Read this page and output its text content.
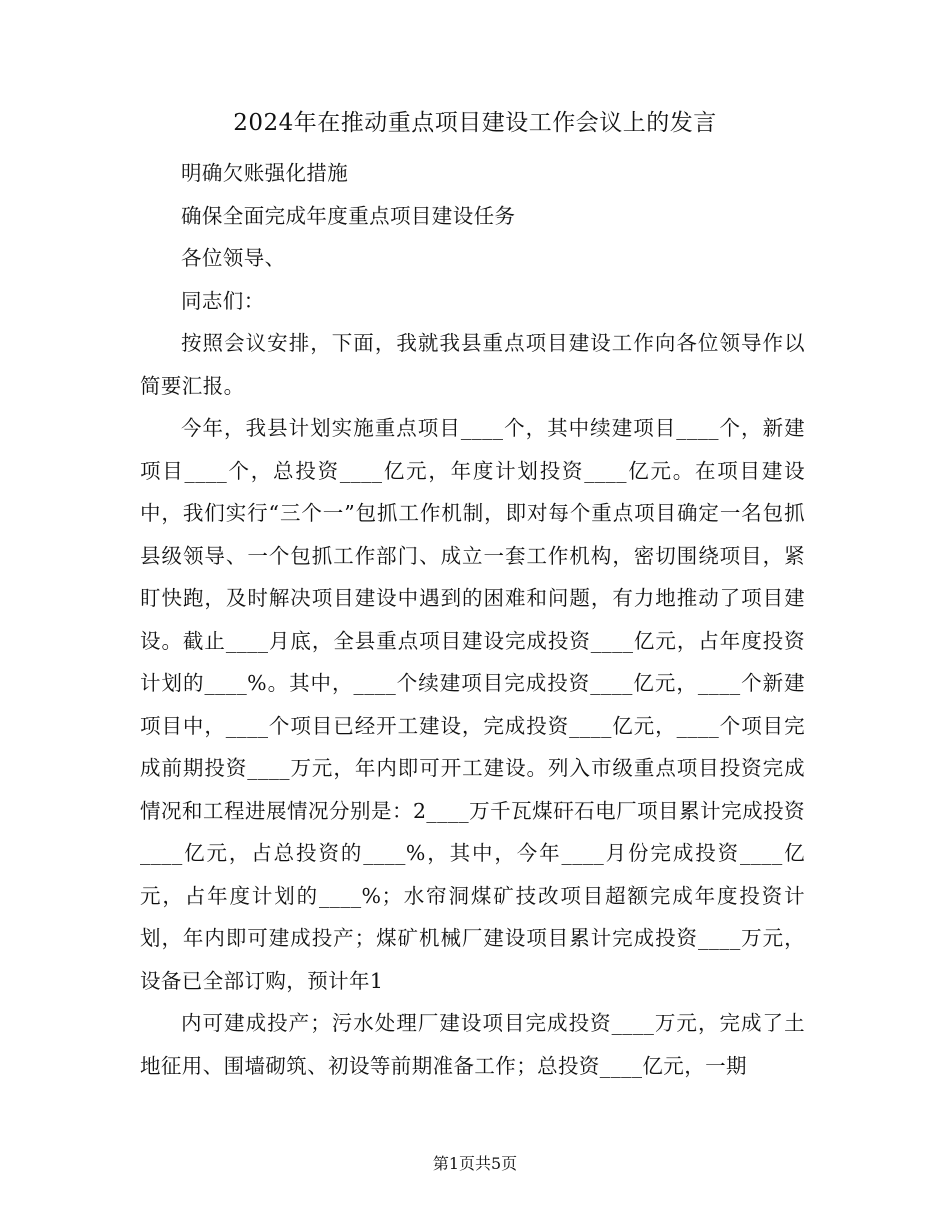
2024年在推动重点项目建设工作会议上的发言

明确欠账强化措施

确保全面完成年度重点项目建设任务

各位领导、

同志们：

按照会议安排，下面，我就我县重点项目建设工作向各位领导作以简要汇报。

今年，我县计划实施重点项目____个，其中续建项目____个，新建项目____个，总投资____亿元，年度计划投资____亿元。在项目建设中，我们实行“三个一”包抓工作机制，即对每个重点项目确定一名包抓县级领导、一个包抓工作部门、成立一套工作机构，密切围绕项目，紧盯快跑，及时解决项目建设中遇到的困难和问题，有力地推动了项目建设。截止____月底，全县重点项目建设完成投资____亿元，占年度投资计划的____%。其中，____个续建项目完成投资____亿元，____个新建项目中，____个项目已经开工建设，完成投资____亿元，____个项目完成前期投资____万元，年内即可开工建设。列入市级重点项目投资完成情况和工程进展情况分别是：2____万千瓦煤矸石电厂项目累计完成投资____亿元，占总投资的____%，其中，今年____月份完成投资____亿元，占年度计划的____%；水帘洞煤矿技改项目超额完成年度投资计划，年内即可建成投产；煤矿机械厂建设项目累计完成投资____万元，设备已全部订购，预计年1

内可建成投产；污水处理厂建设项目完成投资____万元，完成了土地征用、围墙砌筑、初设等前期准备工作；总投资____亿元，一期

第1页共5页
